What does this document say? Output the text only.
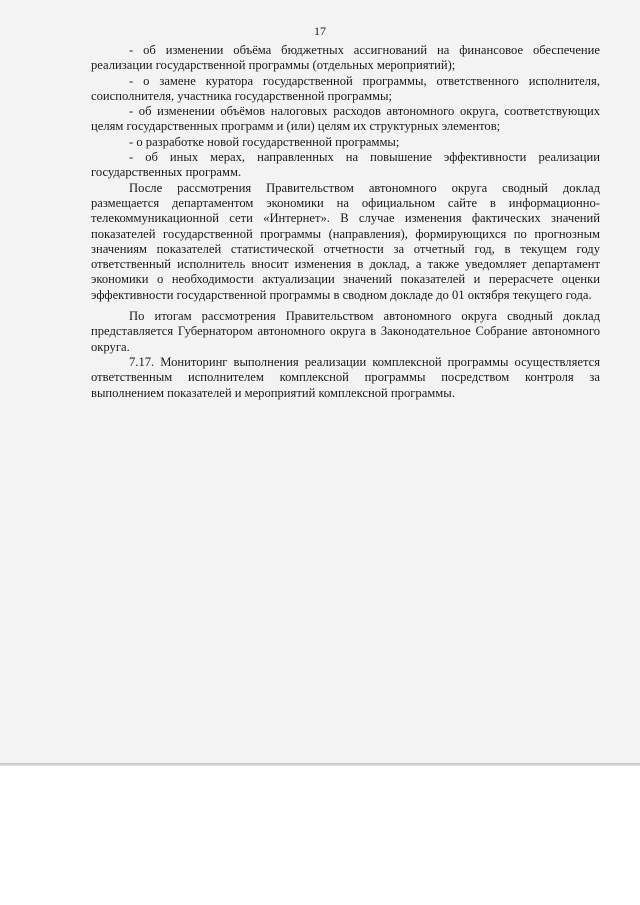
17

- об изменении объёма бюджетных ассигнований на финансовое обеспечение реализации государственной программы (отдельных мероприятий);

- о замене куратора государственной программы, ответственного исполнителя, соисполнителя, участника государственной программы;

- об изменении объёмов налоговых расходов автономного округа, соответствующих целям государственных программ и (или) целям их структурных элементов;

- о разработке новой государственной программы;

- об иных мерах, направленных на повышение эффективности реализации государственных программ.

После рассмотрения Правительством автономного округа сводный доклад размещается департаментом экономики на официальном сайте в информационно-телекоммуникационной сети «Интернет». В случае изменения фактических значений показателей государственной программы (направления), формирующихся по прогнозным значениям показателей статистической отчетности за отчетный год, в текущем году ответственный исполнитель вносит изменения в доклад, а также уведомляет департамент экономики о необходимости актуализации значений показателей и перерасчете оценки эффективности государственной программы в сводном докладе до 01 октября текущего года.

По итогам рассмотрения Правительством автономного округа сводный доклад представляется Губернатором автономного округа в Законодательное Собрание автономного округа.

7.17. Мониторинг выполнения реализации комплексной программы осуществляется ответственным исполнителем комплексной программы посредством контроля за выполнением показателей и мероприятий комплексной программы.
